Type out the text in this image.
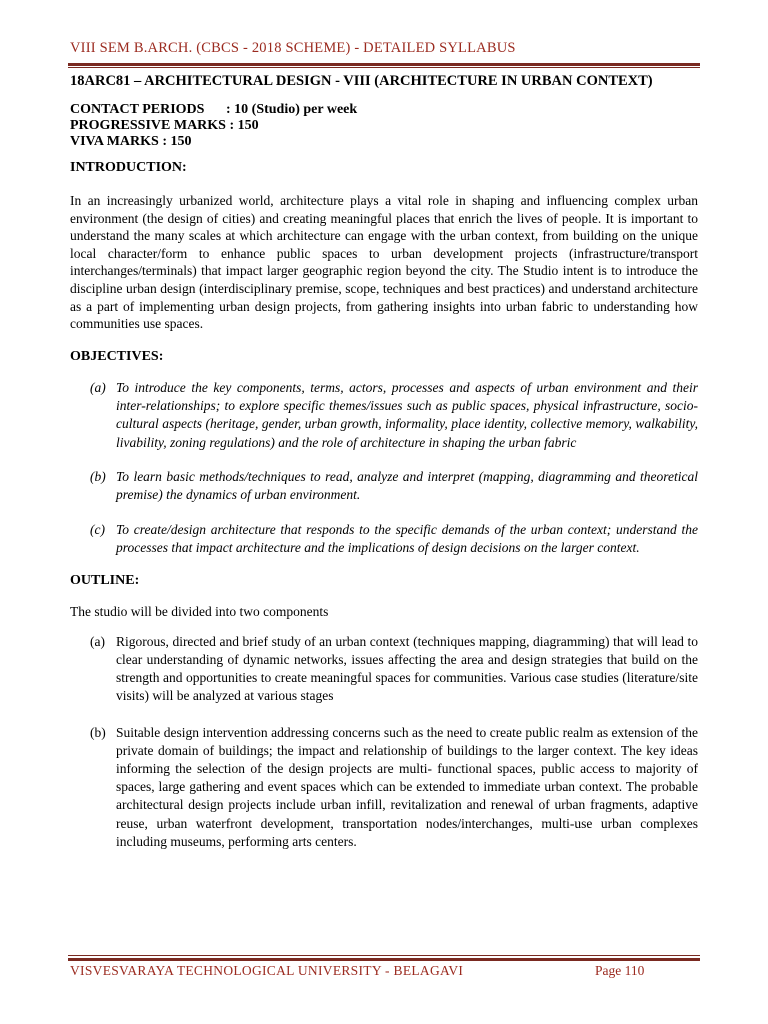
VIII SEM B.ARCH. (CBCS - 2018 SCHEME) - DETAILED SYLLABUS
18ARC81 – ARCHITECTURAL DESIGN - VIII (ARCHITECTURE IN URBAN CONTEXT)
CONTACT PERIODS	: 10 (Studio) per week
PROGRESSIVE MARKS : 150
VIVA MARKS : 150
INTRODUCTION:

In an increasingly urbanized world, architecture plays a vital role in shaping and influencing complex urban environment (the design of cities) and creating meaningful places that enrich the lives of people. It is important to understand the many scales at which architecture can engage with the urban context, from building on the unique local character/form to enhance public spaces to urban development projects (infrastructure/transport interchanges/terminals) that impact larger geographic region beyond the city. The Studio intent is to introduce the discipline urban design (interdisciplinary premise, scope, techniques and best practices) and understand architecture as a part of implementing urban design projects, from gathering insights into urban fabric to understanding how communities use spaces.

OBJECTIVES:
(a) To introduce the key components, terms, actors, processes and aspects of urban environment and their inter-relationships; to explore specific themes/issues such as public spaces, physical infrastructure, socio-cultural aspects (heritage, gender, urban growth, informality, place identity, collective memory, walkability, livability, zoning regulations) and the role of architecture in shaping the urban fabric
(b) To learn basic methods/techniques to read, analyze and interpret (mapping, diagramming and theoretical premise) the dynamics of urban environment.
(c) To create/design architecture that responds to the specific demands of the urban context; understand the processes that impact architecture and the implications of design decisions on the larger context.
OUTLINE:

The studio will be divided into two components

(a) Rigorous, directed and brief study of an urban context (techniques mapping, diagramming) that will lead to clear understanding of dynamic networks, issues affecting the area and design strategies that build on the strength and opportunities to create meaningful spaces for communities. Various case studies (literature/site visits) will be analyzed at various stages
(b) Suitable design intervention addressing concerns such as the need to create public realm as extension of the private domain of buildings; the impact and relationship of buildings to the larger context. The key ideas informing the selection of the design projects are multi- functional spaces, public access to majority of spaces, large gathering and event spaces which can be extended to immediate urban context. The probable architectural design projects include urban infill, revitalization and renewal of urban fragments, adaptive reuse, urban waterfront development, transportation nodes/interchanges, multi-use urban complexes including museums, performing arts centers.
VISVESVARAYA TECHNOLOGICAL UNIVERSITY - BELAGAVI	Page 110
